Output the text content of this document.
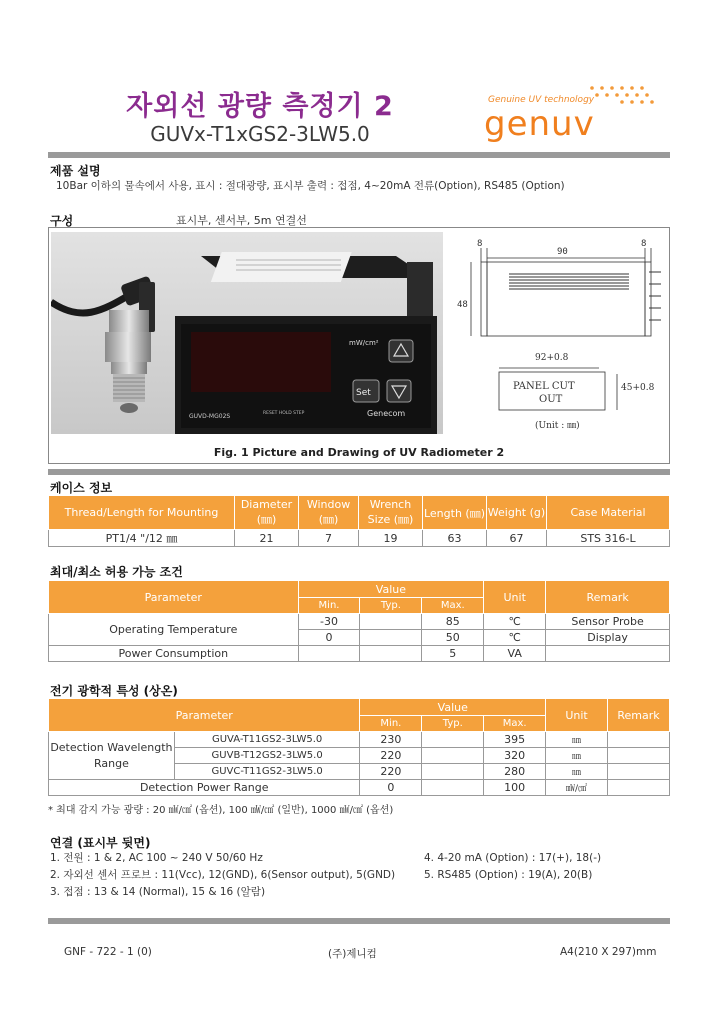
자외선 광량 측정기 2
GUVx-T1xGS2-3LW5.0
Genuine UV technology
genuv
제품 설명
10Bar 이하의 물속에서 사용, 표시 : 절대광량, 표시부 출력 : 접점, 4~20mA 전류(Option), RS485 (Option)
구성	표시부, 센서부, 5m 연결선
mW/cm²
Set
Genecom
GUVD-MG02S	RESET HOLD STEP
8
90
8
48
92+0.8
45+0.8
PANEL CUT
OUT
(Unit : ㎜)
Fig. 1 Picture and Drawing of UV Radiometer 2
케이스 정보
Thread/Length for Mounting	Diameter (㎜)	Window (㎜)	Wrench Size (㎜)	Length (㎜)	Weight (g)	Case Material
PT1/4 "/12 ㎜	21	7	19	63	67	STS 316-L
최대/최소 허용 가능 조건
Parameter	Value			Unit	Remark
	Min.	Typ.	Max.		
Operating Temperature	-30		85	℃	Sensor Probe
	0		50	℃	Display
Power Consumption			5	VA	
전기 광학적 특성 (상온)
Parameter		Value			Unit	Remark
		Min.	Typ.	Max.		

Detection Wavelength
Range	GUVA-T11GS2-3LW5.0	230		395	㎚	
	GUVB-T12GS2-3LW5.0	220		320	㎚	
	GUVC-T11GS2-3LW5.0	220		280	㎚	
Detection Power Range		0		100	㎽/㎠	
* 최대 감지 가능 광량 : 20 ㎽/㎠ (옵션), 100 ㎽/㎠ (일반), 1000 ㎽/㎠ (옵션)
연결 (표시부 뒷면)
1. 전원 : 1 & 2, AC 100 ~ 240 V 50/60 Hz
2. 자외선 센서 프로브 : 11(Vcc), 12(GND), 6(Sensor output), 5(GND)
3. 접점 : 13 & 14 (Normal), 15 & 16 (알람)
4. 4-20 mA (Option) : 17(+), 18(-)
5. RS485 (Option) : 19(A), 20(B)
GNF - 722 - 1 (0)	(주)제니컴	A4(210 X 297)mm
